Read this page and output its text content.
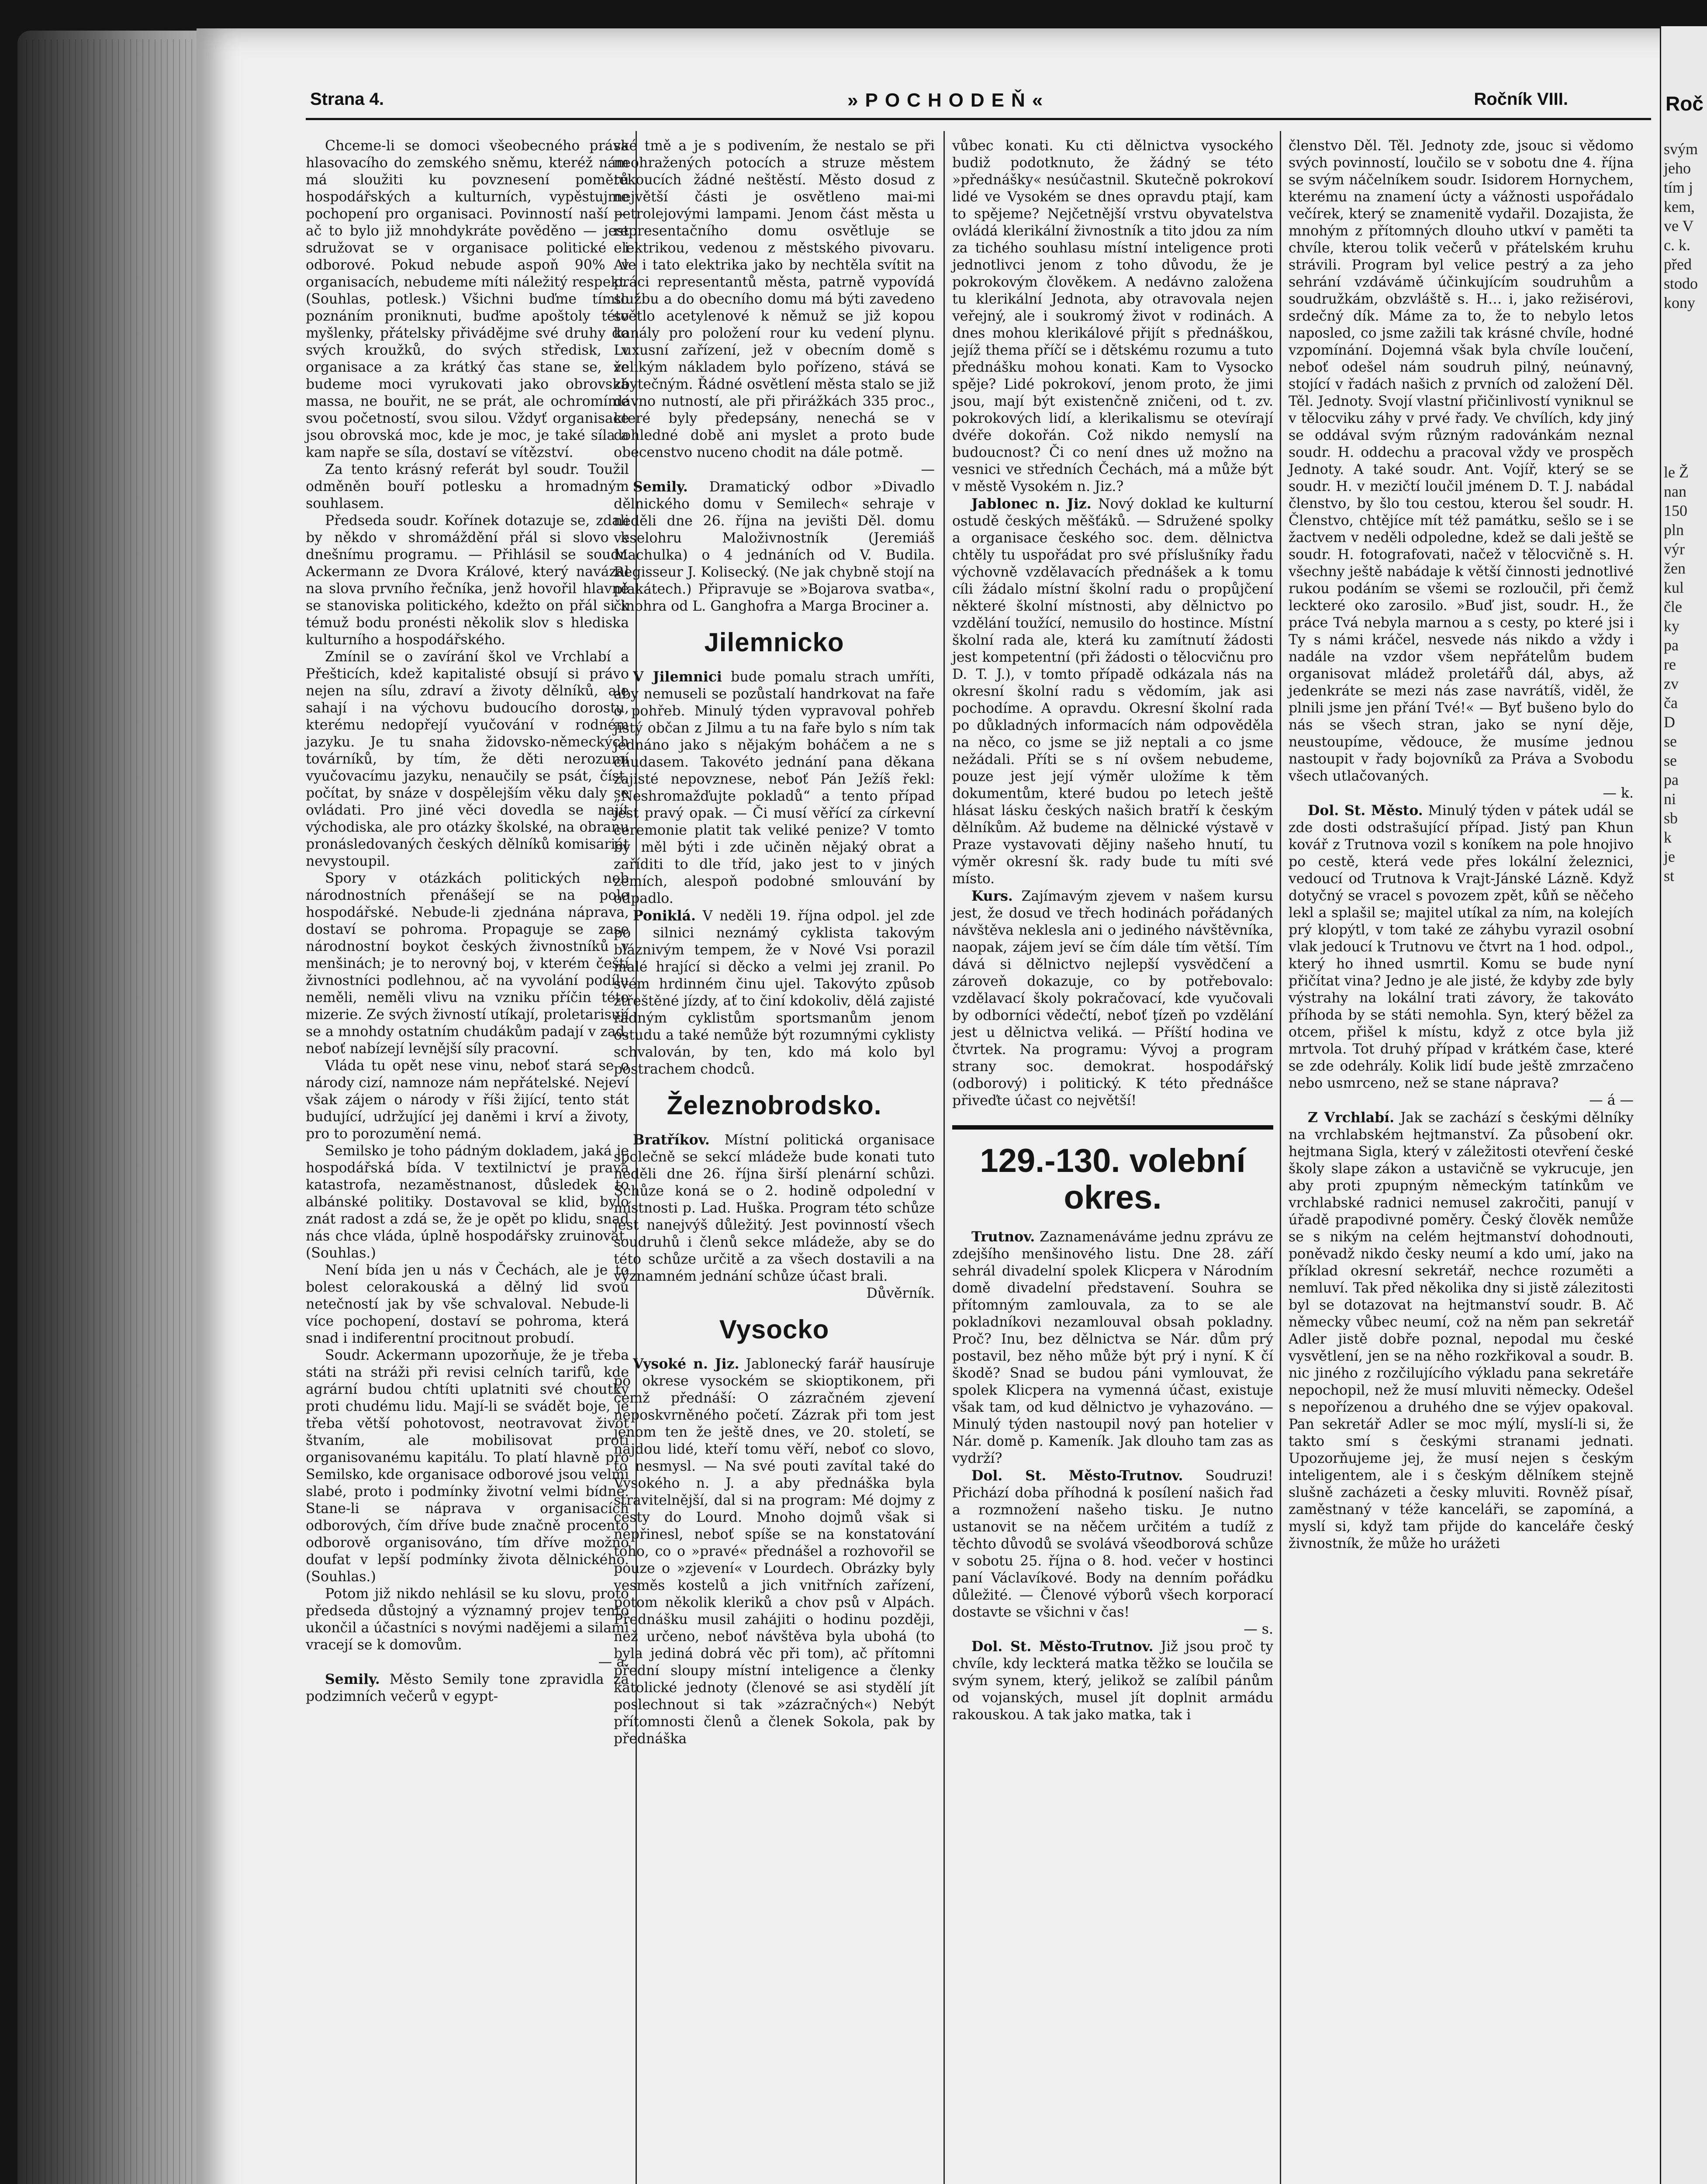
Roč
svým
jeho
tím j
kem,
ve V
c. k.
před
stodo
kony
le Ž
nan
150
pln
výr
žen
kul
čle
ky
pa
re
zv
ča
D
se
se
pa
ni
sb
k
je
st
Strana 4.	»POCHODEŇ«	Ročník VIII.

Chceme-li se domoci všeobecného práva hlasovacího do zemského sněmu, kteréž nám má sloužiti ku povznesení poměrů hospodářských a kulturních, vypěstujme pochopení pro organisaci. Povinností naší — ač to bylo již mnohdykráte pověděno — jest sdružovat se v organisace politické i odborové. Pokud nebude aspoň 90% v organisacích, nebudeme míti náležitý respekt. (Souhlas, potlesk.) Všichni buďme tímto poznáním proniknuti, buďme apoštoly této myšlenky, přátelsky přivádějme své druhy do svých kroužků, do svých středisk, v organisace a za krátký čas stane se, že budeme moci vyrukovati jako obrovská massa, ne bouřit, ne se prát, ale ochromíme svou početností, svou silou. Vždyť organisace jsou obrovská moc, kde je moc, je také síla a kam napře se síla, dostaví se vítězství.

Za tento krásný referát byl soudr. Toužil odměněn bouří potlesku a hromadným souhlasem.

Předseda soudr. Kořínek dotazuje se, zdali by někdo v shromáždění přál si slovo k dnešnímu programu. — Přihlásil se soudr. Ackermann ze Dvora Králové, který navázal na slova prvního řečníka, jenž hovořil hlavně se stanoviska politického, kdežto on přál si k témuž bodu pronésti několik slov s hlediska kulturního a hospodářského.

Zmínil se o zavírání škol ve Vrchlabí a Přešticích, kdež kapitalisté obsují si právo nejen na sílu, zdraví a životy dělníků, ale sahají i na výchovu budoucího dorostu, kterému nedopřejí vyučování v rodném jazyku. Je tu snaha židovsko-německých továrníků, by tím, že děti nerozumí vyučovacímu jazyku, nenaučily se psát, číst, počítat, by snáze v dospělejším věku daly se ovládati. Pro jiné věci dovedla se najít východiska, ale pro otázky školské, na obranu pronásledovaných českých dělníků komisariát nevystoupil.

Spory v otázkách politických neb národnostních přenášejí se na pole hospodářské. Nebude-li zjednána náprava, dostaví se pohroma. Propaguje se zase národnostní boykot českých živnostníků v menšinách; je to nerovný boj, v kterém čeští živnostníci podlehnou, ač na vyvolání podílu neměli, neměli vlivu na vzniku příčin této mizerie. Ze svých živností utíkají, proletarisují se a mnohdy ostatním chudákům padají v zad, neboť nabízejí levnější síly pracovní.

Vláda tu opět nese vinu, neboť stará se o národy cizí, namnoze nám nepřátelské. Nejeví však zájem o národy v říši žijící, tento stát budující, udržující jej daněmi i krví a životy, pro to porozumění nemá.

Semilsko je toho pádným dokladem, jaká je hospodářská bída. V textilnictví je pravá katastrofa, nezaměstnanost, důsledek to albánské politiky. Dostavoval se klid, bylo znát radost a zdá se, že je opět po klidu, snad nás chce vláda, úplně hospodářsky zruinovat. (Souhlas.)

Není bída jen u nás v Čechách, ale je to bolest celorakouská a dělný lid svou netečností jak by vše schvaloval. Nebude-li více pochopení, dostaví se pohroma, která snad i indiferentní procitnout probudí.

Soudr. Ackermann upozorňuje, že je třeba státi na stráži při revisi celních tarifů, kde agrární budou chtíti uplatniti své choutky proti chudému lidu. Mají-li se svádět boje, je třeba větší pohotovost, neotravovat život štvaním, ale mobilisovat proti organisovanému kapitálu. To platí hlavně pro Semilsko, kde organisace odborové jsou velmi slabé, proto i podmínky životní velmi bídné. Stane-li se náprava v organisacích odborových, čím dříve bude značně procento odborově organisováno, tím dříve možno doufat v lepší podmínky života dělnického. (Souhlas.)

Potom již nikdo nehlásil se ku slovu, proto předseda důstojný a významný projev tento ukončil a účastníci s novými nadějemi a silami vracejí se k domovům.

— a.

Semily. Město Semily tone zpravidla za podzimních večerů v egypt-

ské tmě a je s podivením, že nestalo se při neohražených potocích a struze městem tekoucích žádné neštěstí. Město dosud z největší části je osvětleno mai-mi petrolejovými lampami. Jenom část města u representačního domu osvětluje se elektrikou, vedenou z městského pivovaru. Ale i tato elektrika jako by nechtěla svítit na práci representantů města, patrně vypovídá službu a do obecního domu má býti zavedeno světlo acetylenové k němuž se již kopou kanály pro položení rour ku vedení plynu. Luxusní zařízení, jež v obecním domě s velikým nákladem bylo pořízeno, stává se zbytečným. Řádné osvětlení města stalo se již dávno nutností, ale při přirážkách 335 proc., které byly předepsány, nenechá se v dohledné době ani myslet a proto bude obecenstvo nuceno chodit na dále potmě.

—

Semily. Dramatický odbor »Divadlo dělnického domu v Semilech« sehraje v neděli dne 26. října na jevišti Děl. domu veselohru Maloživnostník (Jeremiáš Machulka) o 4 jednáních od V. Budila. Regisseur J. Kolisecký. (Ne jak chybně stojí na plakátech.) Připravuje se »Bojarova svatba«, činohra od L. Ganghofra a Marga Brociner a.

Jilemnicko

V Jilemnici bude pomalu strach umříti, aby nemuseli se pozůstalí handrkovat na faře o pohřeb. Minulý týden vypravoval pohřeb jistý občan z Jilmu a tu na faře bylo s ním tak jednáno jako s nějakým boháčem a ne s chudasem. Takovéto jednání pana děkana zajisté nepovznese, neboť Pán Ježíš řekl: „Neshromažďujte pokladů“ a tento případ jest pravý opak. — Či musí věřící za církevní ceremonie platit tak veliké penize? V tomto by měl býti i zde učiněn nějaký obrat a zaříditi to dle tříd, jako jest to v jiných zemích, alespoň podobné smlouvání by odpadlo.

Poniklá. V neděli 19. října odpol. jel zde po silnici neznámý cyklista takovým bláznivým tempem, že v Nové Vsi porazil malé hrající si děcko a velmi jej zranil. Po svém hrdinném činu ujel. Takovýto způsob ztřeštěné jízdy, ať to činí kdokoliv, dělá zajisté řádným cyklistům sportsmanům jenom ostudu a také nemůže být rozumnými cyklisty schvalován, by ten, kdo má kolo byl postrachem chodců.

Železnobrodsko.

Bratříkov. Místní politická organisace společně se sekcí mládeže bude konati tuto neděli dne 26. října širší plenární schůzi. Schůze koná se o 2. hodině odpolední v místnosti p. Lad. Huška. Program této schůze jest nanejvýš důležitý. Jest povinností všech soudruhů i členů sekce mládeže, aby se do této schůze určitě a za všech dostavili a na významném jednání schůze účast brali.

Důvěrník.

Vysocko

Vysoké n. Jiz. Jablonecký farář hausíruje po okrese vysockém se skioptikonem, při čemž přednáší: O zázračném zjevení neposkvrněného početí. Zázrak při tom jest jenom ten že ještě dnes, ve 20. století, se najdou lidé, kteří tomu věří, neboť co slovo, to nesmysl. — Na své pouti zavítal také do Vysokého n. J. a aby přednáška byla stravitelnější, dal si na program: Mé dojmy z cesty do Lourd. Mnoho dojmů však si nepřinesl, neboť spíše se na konstatování toho, co o »pravé« přednášel a rozhovořil se pouze o »zjevení« v Lourdech. Obrázky byly vesměs kostelů a jich vnitřních zařízení, potom několik kleriků a chov psů v Alpách. Přednášku musil zahájiti o hodinu později, než určeno, neboť návštěva byla ubohá (to byla jediná dobrá věc při tom), ač přítomni přední sloupy místní inteligence a členky katolické jednoty (členové se asi stydělí jít poslechnout si tak »zázračných«) Nebýt přítomnosti členů a členek Sokola, pak by přednáška

vůbec konati. Ku cti dělnictva vysockého budiž podotknuto, že žádný se této »přednášky« nesúčastnil. Skutečně pokrokoví lidé ve Vysokém se dnes opravdu ptají, kam to spějeme? Nejčetnější vrstvu obyvatelstva ovládá klerikální živnostník a tito jdou za ním za tichého souhlasu místní inteligence proti jednotlivci jenom z toho důvodu, že je pokrokovým člověkem. A nedávno založena tu klerikální Jednota, aby otravovala nejen veřejný, ale i soukromý život v rodinách. A dnes mohou klerikálové přijít s přednáškou, jejíž thema příčí se i dětskému rozumu a tuto přednášku mohou konati. Kam to Vysocko spěje? Lidé pokrokoví, jenom proto, že jimi jsou, mají být existenčně zničeni, od t. zv. pokrokových lidí, a klerikalismu se otevírají dvéře dokořán. Což nikdo nemyslí na budoucnost? Či co není dnes už možno na vesnici ve středních Čechách, má a může být v městě Vysokém n. Jiz.?

Jablonec n. Jiz. Nový doklad ke kulturní ostudě českých měšťáků. — Sdružené spolky a organisace českého soc. dem. dělnictva chtěly tu uspořádat pro své příslušníky řadu výchovně vzdělavacích přednášek a k tomu cíli žádalo místní školní radu o propůjčení některé školní místnosti, aby dělnictvo po vzdělání toužící, nemusilo do hostince. Místní školní rada ale, která ku zamítnutí žádosti jest kompetentní (při žádosti o tělocvičnu pro D. T. J.), v tomto případě odkázala nás na okresní školní radu s vědomím, jak asi pochodíme. A opravdu. Okresní školní rada po důkladných informacích nám odpověděla na něco, co jsme se již neptali a co jsme nežádali. Příti se s ní ovšem nebudeme, pouze jest její výměr uložíme k těm dokumentům, které budou po letech ještě hlásat lásku českých našich bratří k českým dělníkům. Až budeme na dělnické výstavě v Praze vystavovati dějiny našeho hnutí, tu výměr okresní šk. rady bude tu míti své místo.

Kurs. Zajímavým zjevem v našem kursu jest, že dosud ve třech hodinách pořádaných návštěva neklesla ani o jediného návštěvníka, naopak, zájem jeví se čím dále tím větší. Tím dává si dělnictvo nejlepší vysvědčení a zároveň dokazuje, co by potřebovalo: vzdělavací školy pokračovací, kde vyučovali by odborníci vědečtí, neboť ţízeň po vzdělání jest u dělnictva veliká. — Příští hodina ve čtvrtek. Na programu: Vývoj a program strany soc. demokrat. hospodářský (odborový) i politický. K této přednášce přiveďte účast co největší!

129.-130. volební okres.

Trutnov. Zaznamenáváme jednu zprávu ze zdejšího menšinového listu. Dne 28. září sehrál divadelní spolek Klicpera v Národním domě divadelní představení. Souhra se přítomným zamlouvala, za to se ale pokladníkovi nezamlouval obsah pokladny. Proč? Inu, bez dělnictva se Nár. dům prý postavil, bez něho může být prý i nyní. K čí škodě? Snad se budou páni vymlouvat, že spolek Klicpera na vymenná účast, existuje však tam, od kud dělnictvo je vyhazováno. — Minulý týden nastoupil nový pan hotelier v Nár. domě p. Kameník. Jak dlouho tam zas as vydrží?

Dol. St. Město-Trutnov. Soudruzi! Přichází doba příhodná k posílení našich řad a rozmnožení našeho tisku. Je nutno ustanovit se na něčem určitém a tudíž z těchto důvodů se svolává všeodborová schůze v sobotu 25. října o 8. hod. večer v hostinci paní Václavíkové. Body na denním pořádku důležité. — Členové výborů všech korporací dostavte se všichni v čas!

— s.

Dol. St. Město-Trutnov. Již jsou proč ty chvíle, kdy leckterá matka těžko se loučila se svým synem, který, jelikož se zalíbil pánům od vojanských, musel jít doplnit armádu rakouskou. A tak jako matka, tak i

členstvo Děl. Těl. Jednoty zde, jsouc si vědomo svých povinností, loučilo se v sobotu dne 4. října se svým náčelníkem soudr. Isidorem Hornychem, kterému na znamení úcty a vážnosti uspořádalo večírek, který se znamenitě vydařil. Dozajista, že mnohým z přítomných dlouho utkví v paměti ta chvíle, kterou tolik večerů v přátelském kruhu strávili. Program byl velice pestrý a za jeho sehrání vzdávámě účinkujícím soudruhům a soudružkám, obzvláště s. H… i, jako režisérovi, srdečný dík. Máme za to, že to nebylo letos naposled, co jsme zažili tak krásné chvíle, hodné vzpomínání. Dojemná však byla chvíle loučení, neboť odešel nám soudruh pilný, neúnavný, stojící v řadách našich z prvních od založení Děl. Těl. Jednoty. Svojí vlastní přičinlivostí vyniknul se v tělocviku záhy v prvé řady. Ve chvílích, kdy jiný se oddával svým různým radovánkám neznal soudr. H. oddechu a pracoval vždy ve prospěch Jednoty. A také soudr. Ant. Vojíř, který se se soudr. H. v mezičtí loučil jménem D. T. J. nabádal členstvo, by šlo tou cestou, kterou šel soudr. H. Členstvo, chtějíce mít též památku, sešlo se i se žactvem v neděli odpoledne, kdež se dali ještě se soudr. H. fotografovati, načež v tělocvičně s. H. všechny ještě nabádaje k větší činnosti jednotlivé rukou podáním se všemi se rozloučil, při čemž leckteré oko zarosilo. »Buď jist, soudr. H., že práce Tvá nebyla marnou a s cesty, po které jsi i Ty s námi kráčel, nesvede nás nikdo a vždy i nadále na vzdor všem nepřátelům budem organisovat mládež proletářů dál, abys, až jedenkráte se mezi nás zase navrátíš, viděl, že plnili jsme jen přání Tvé!« — Byť bušeno bylo do nás se všech stran, jako se nyní děje, neustoupíme, vědouce, že musíme jednou nastoupit v řady bojovníků za Práva a Svobodu všech utlačovaných.

— k.

Dol. St. Město. Minulý týden v pátek udál se zde dosti odstrašující případ. Jistý pan Khun kovář z Trutnova vozil s koníkem na pole hnojivo po cestě, která vede přes lokální železnici, vedoucí od Trutnova k Vrajt-Jánské Lázně. Když dotyčný se vracel s povozem zpět, kůň se něčeho lekl a splašil se; majitel utíkal za ním, na kolejích prý klopýtl, v tom také ze záhybu vyrazil osobní vlak jedoucí k Trutnovu ve čtvrt na 1 hod. odpol., který ho ihned usmrtil. Komu se bude nyní přičítat vina? Jedno je ale jisté, že kdyby zde byly výstrahy na lokální trati závory, že takováto příhoda by se státi nemohla. Syn, který běžel za otcem, přišel k místu, když z otce byla již mrtvola. Tot druhý případ v krátkém čase, které se zde odehrály. Kolik lidí bude ještě zmrzačeno nebo usmrceno, než se stane náprava?

— á —

Z Vrchlabí. Jak se zachází s českými dělníky na vrchlabském hejtmanství. Za působení okr. hejtmana Sigla, který v záležitosti otevření české školy slape zákon a ustavičně se vykrucuje, jen aby proti zpupným německým tatínkům ve vrchlabské radnici nemusel zakročiti, panují v úřadě prapodivné poměry. Český člověk nemůže se s nikým na celém hejtmanství dohodnouti, poněvadž nikdo česky neumí a kdo umí, jako na příklad okresní sekretář, nechce rozuměti a nemluví. Tak před několika dny si jistě zálezitosti byl se dotazovat na hejtmanství soudr. B. Ač německy vůbec neumí, což na něm pan sekretář Adler jistě dobře poznal, nepodal mu české vysvětlení, jen se na něho rozkřikoval a soudr. B. nic jiného z rozčilujícího výkladu pana sekretáře nepochopil, než že musí mluviti německy. Odešel s nepořízenou a druhého dne se výjev opakoval. Pan sekretář Adler se moc mýlí, myslí-li si, že takto smí s českými stranami jednati. Upozorňujeme jej, že musí nejen s českým inteligentem, ale i s českým dělníkem stejně slušně zacházeti a česky mluviti. Rovněž písař, zaměstnaný v téže kanceláři, se zapomíná, a myslí si, když tam přijde do kanceláře český živnostník, že může ho urážeti
